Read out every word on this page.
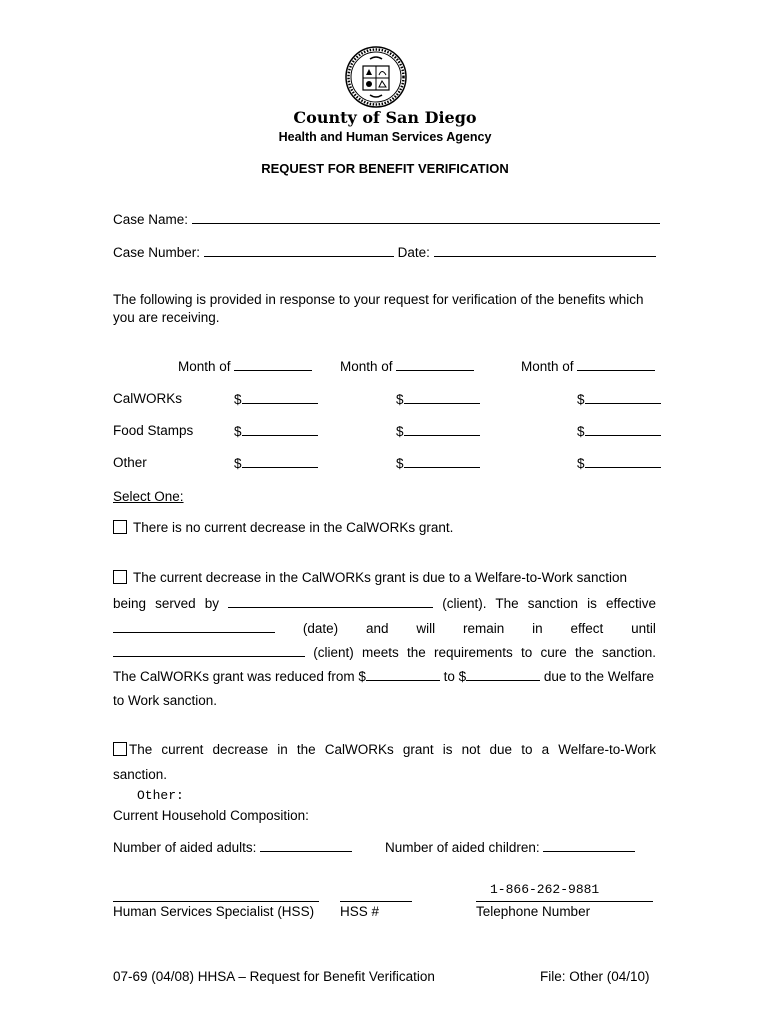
County of San Diego
Health and Human Services Agency
REQUEST FOR BENEFIT VERIFICATION
Case Name:
Case Number:	Date:
The following is provided in response to your request for verification of the benefits which
you are receiving.
Month of	Month of	Month of
CalWORKs	$	$	$
Food Stamps	$	$	$
Other	$	$	$
Select One:
There is no current decrease in the CalWORKs grant.
The current decrease in the CalWORKs grant is due to a Welfare-to-Work sanction
being served by	(client). The sanction is effective
(date) and will remain in effect until
(client) meets the requirements to cure the sanction.
The CalWORKs grant was reduced from $	to $	due to the Welfare
to Work sanction.
The current decrease in the CalWORKs grant is not due to a Welfare-to-Work
sanction.
Other:
Current Household Composition:
Number of aided adults:	Number of aided children:
1-866-262-9881
Human Services Specialist (HSS) HSS #	Telephone Number
07-69 (04/08) HHSA – Request for Benefit Verification	File: Other (04/10)
